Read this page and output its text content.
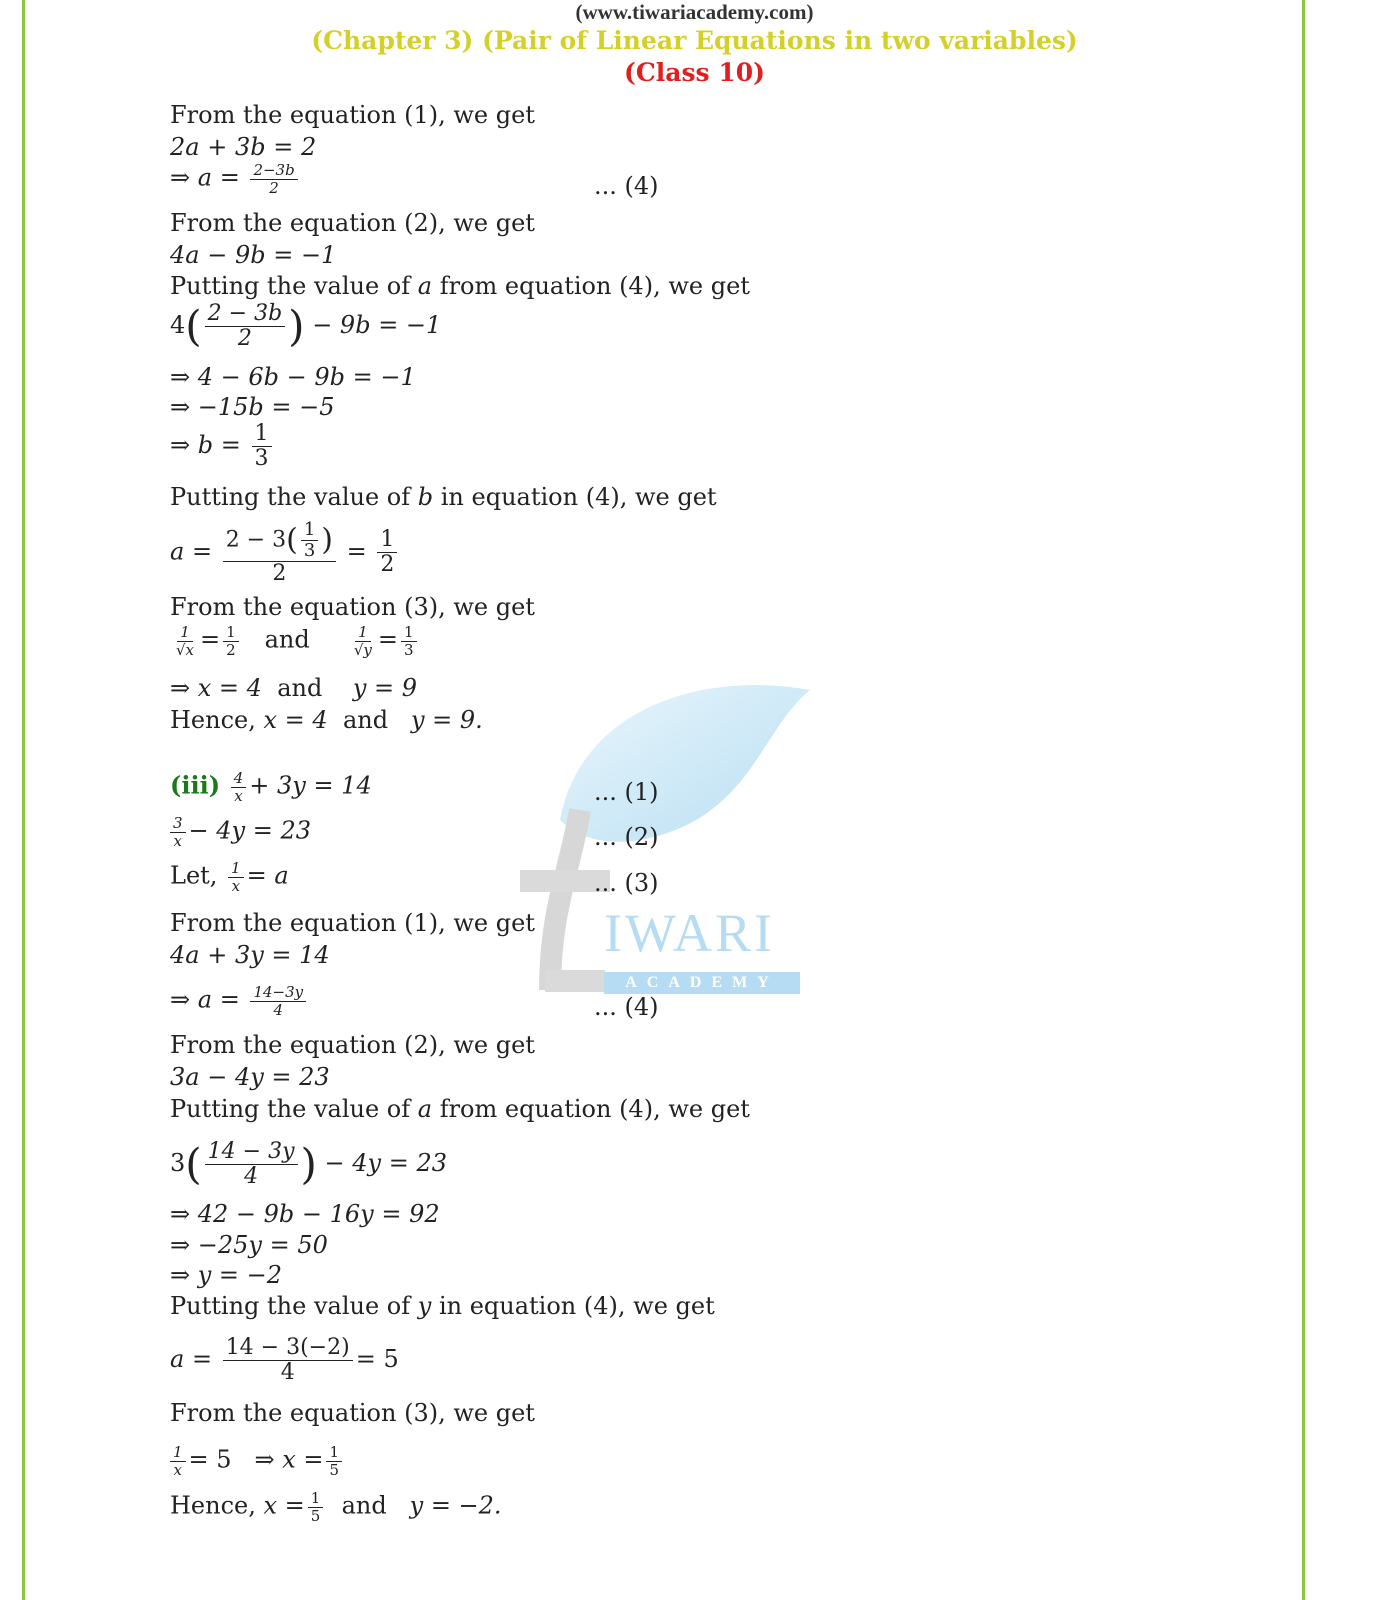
(www.tiwariacademy.com)
(Chapter 3) (Pair of Linear Equations in two variables)
(Class 10)
IWARI
ACADEMY
From the equation (1), we get
2a + 3b = 2
⇒ $a = \frac{2-3b}{2}$	... (4)
From the equation (2), we get
4a − 9b = −1
Putting the value of a from equation (4), we get
$4( \frac{2 - 3b}{2}$ ) − 9b = −1
⇒ 4 − 6b − 9b = −1
⇒ −15b = −5
⇒ $b = \frac{1}{3}$
Putting the value of b in equation (4), we get
$a = \frac{2 - 3( \frac{1}{3} )}{2} = \frac{1}{2}$
From the equation (3), we get
$\frac{1}{√x} = \frac{1}{2}$ and	$\frac{1}{√y} = \frac{1}{3}$
⇒ x = 4 and y = 9
Hence, x = 4 and y = 9.
$(iii) \frac{4}{x} + 3y = 14$	... (1)
$\frac{3}{x} - 4y = 23$	... (2)
Let, $\frac{1}{x} = a$	... (3)
From the equation (1), we get
4a + 3y = 14
⇒ $a = \frac{14-3y}{4}$	... (4)
From the equation (2), we get
3a − 4y = 23
Putting the value of a from equation (4), we get
$3( \frac{14 - 3y}{4}$ ) − 4y = 23
⇒ 42 − 9b − 16y = 92
⇒ −25y = 50
⇒ y = −2
Putting the value of y in equation (4), we get
$a = \frac{14 - 3(-2)}{4} = 5$
From the equation (3), we get
$\frac{1}{x} = 5$ ⇒ $x = \frac{1}{5}$
Hence, $x = \frac{1}{5}$ and y = −2.
